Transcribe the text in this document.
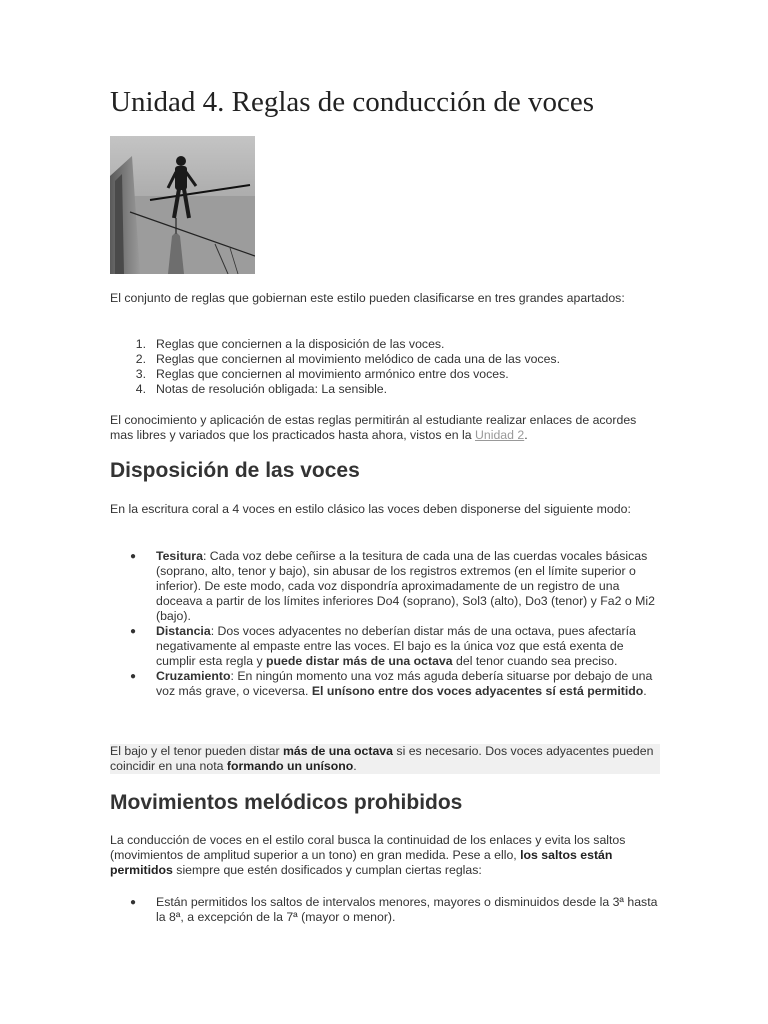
Unidad 4. Reglas de conducción de voces

El conjunto de reglas que gobiernan este estilo pueden clasificarse en tres grandes apartados:

1. Reglas que conciernen a la disposición de las voces.
2. Reglas que conciernen al movimiento melódico de cada una de las voces.
3. Reglas que conciernen al movimiento armónico entre dos voces.
4. Notas de resolución obligada: La sensible.

El conocimiento y aplicación de estas reglas permitirán al estudiante realizar enlaces de acordes mas libres y variados que los practicados hasta ahora, vistos en la Unidad 2.

Disposición de las voces

En la escritura coral a 4 voces en estilo clásico las voces deben disponerse del siguiente modo:

● Tesitura: Cada voz debe ceñirse a la tesitura de cada una de las cuerdas vocales básicas (soprano, alto, tenor y bajo), sin abusar de los registros extremos (en el límite superior o inferior). De este modo, cada voz dispondría aproximadamente de un registro de una doceava a partir de los límites inferiores Do4 (soprano), Sol3 (alto), Do3 (tenor) y Fa2 o Mi2 (bajo).
● Distancia: Dos voces adyacentes no deberían distar más de una octava, pues afectaría negativamente al empaste entre las voces. El bajo es la única voz que está exenta de cumplir esta regla y puede distar más de una octava del tenor cuando sea preciso.
● Cruzamiento: En ningún momento una voz más aguda debería situarse por debajo de una voz más grave, o viceversa. El unísono entre dos voces adyacentes sí está permitido.

El bajo y el tenor pueden distar más de una octava si es necesario. Dos voces adyacentes pueden coincidir en una nota formando un unísono.

Movimientos melódicos prohibidos

La conducción de voces en el estilo coral busca la continuidad de los enlaces y evita los saltos (movimientos de amplitud superior a un tono) en gran medida. Pese a ello, los saltos están permitidos siempre que estén dosificados y cumplan ciertas reglas:

● Están permitidos los saltos de intervalos menores, mayores o disminuidos desde la 3ª hasta la 8ª, a excepción de la 7ª (mayor o menor).
